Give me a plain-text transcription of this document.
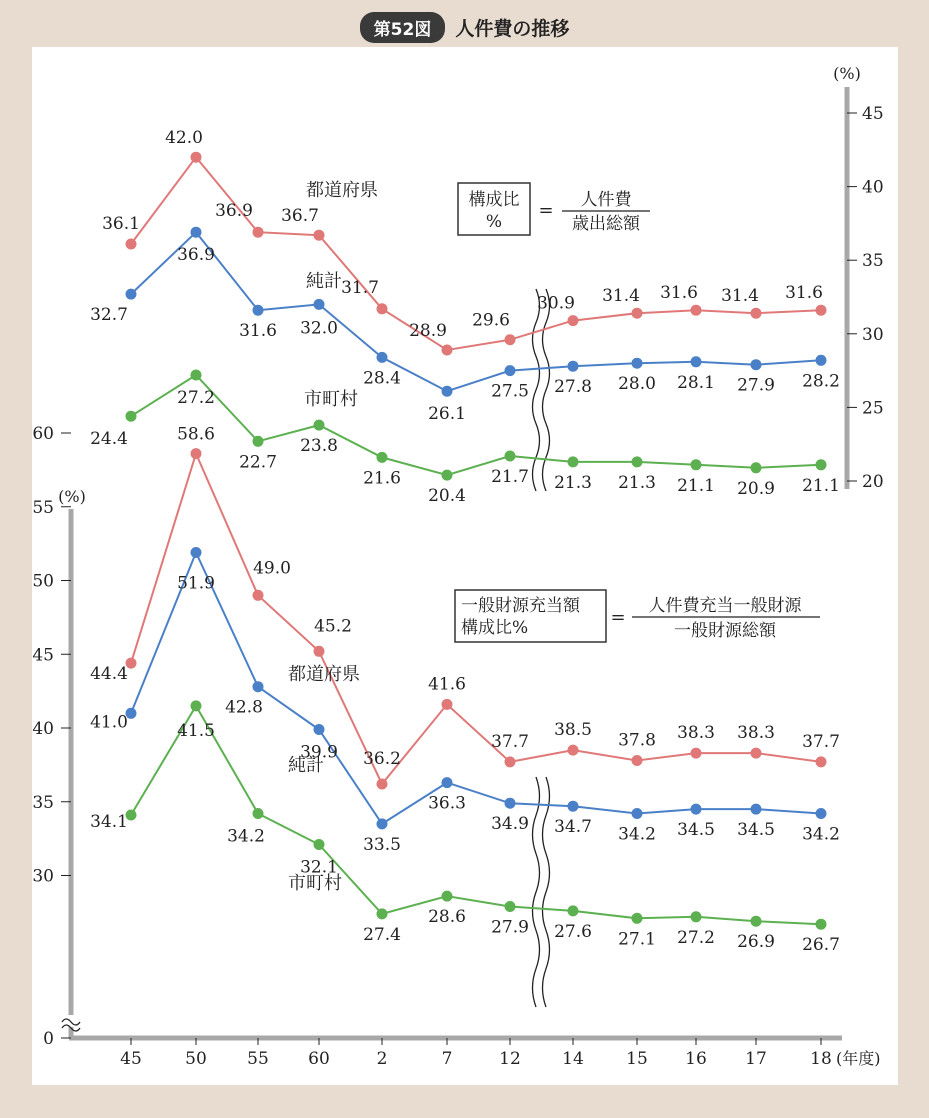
第52図	人件費の推移
20
25
30
35
40
45
(%)
0
30
35
40
45
50
55
60
(%)
45	50 55 60	2	7	12 14 15 16 17	18 (年度)
36.1
42.0
36.9 36.7
31.7
28.9
29.6
30.9 31.4 31.6 31.4 31.6
32.7
36.9
31.6 32.0
28.4
26.1
27.5 27.8 28.0 28.1 27.9 28.2
24.4
27.2
22.7
23.8
21.6
20.4
21.7 21.3 21.3 21.1 20.9 21.1
44.4
58.6
49.0
45.2
36.2
41.6
37.7
38.5
37.8 38.3 38.3 37.7
41.0
51.9
42.8
39.9
33.5
36.3
34.9 34.7 34.2 34.5 34.5 34.2
34.1
41.5
34.2
32.1
27.4
28.6
27.9 27.6 27.1 27.2 26.9 26.7
都道府県
純計
市町村
都道府県
純計
市町村
構成比
%
= 人件費
歳出総額
一般財源充当額
構成比%	=
人件費充当一般財源
一般財源総額
